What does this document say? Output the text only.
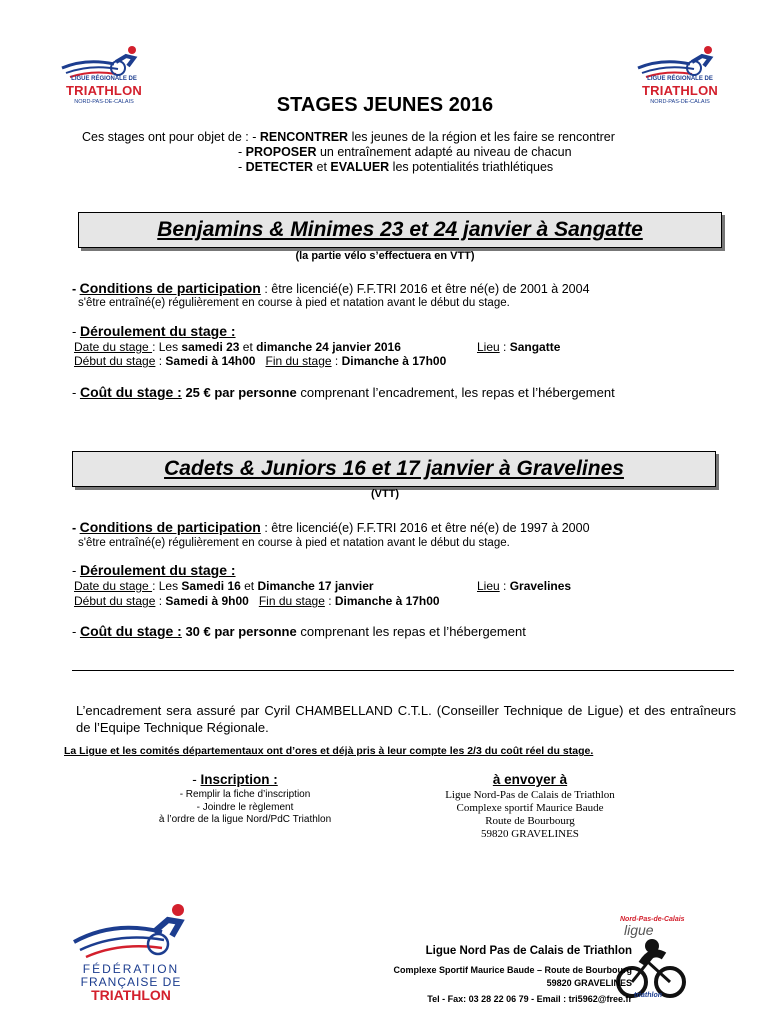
LIGUE RÉGIONALE DE
TRIATHLON
NORD-PAS-DE-CALAIS
LIGUE RÉGIONALE DE
TRIATHLON
NORD-PAS-DE-CALAIS
STAGES JEUNES 2016
Ces stages ont pour objet de : - RENCONTRER les jeunes de la région et les faire se rencontrer
- PROPOSER un entraînement adapté au niveau de chacun
- DETECTER et EVALUER les potentialités triathlétiques
Benjamins & Minimes 23 et 24 janvier à Sangatte
(la partie vélo s’effectuera en VTT)
- Conditions de participation : être licencié(e) F.F.TRI 2016 et être né(e) de 2001 à 2004
s'être entraîné(e) régulièrement en course à pied et natation avant le début du stage.
- Déroulement du stage :
Date du stage : Les samedi 23 et dimanche 24 janvier 2016	Lieu : Sangatte
Début du stage : Samedi à 14h00 Fin du stage : Dimanche à 17h00
- Coût du stage : 25 € par personne comprenant l’encadrement, les repas et l’hébergement
Cadets & Juniors 16 et 17 janvier à Gravelines
(VTT)
- Conditions de participation : être licencié(e) F.F.TRI 2016 et être né(e) de 1997 à 2000
s'être entraîné(e) régulièrement en course à pied et natation avant le début du stage.
- Déroulement du stage :
Date du stage : Les Samedi 16 et Dimanche 17 janvier	Lieu : Gravelines
Début du stage : Samedi à 9h00 Fin du stage : Dimanche à 17h00
- Coût du stage : 30 € par personne comprenant les repas et l’hébergement
L’encadrement sera assuré par Cyril CHAMBELLAND C.T.L. (Conseiller Technique de Ligue) et des entraîneurs de l’Equipe Technique Régionale.
La Ligue et les comités départementaux ont d’ores et déjà pris à leur compte les 2/3 du coût réel du stage.
- Inscription :
- Remplir la fiche d’inscription
- Joindre le règlement
à l’ordre de la ligue Nord/PdC Triathlon
à envoyer à
Ligue Nord-Pas de Calais de Triathlon
Complexe sportif Maurice Baude
Route de Bourbourg
59820 GRAVELINES
FÉDÉRATION
FRANÇAISE DE
TRIATHLON
Nord-Pas-de-Calais
ligue
triathlon
Ligue Nord Pas de Calais de Triathlon
Complexe Sportif Maurice Baude – Route de Bourbourg
59820 GRAVELINES
Tel - Fax: 03 28 22 06 79 - Email : tri5962@free.fr
